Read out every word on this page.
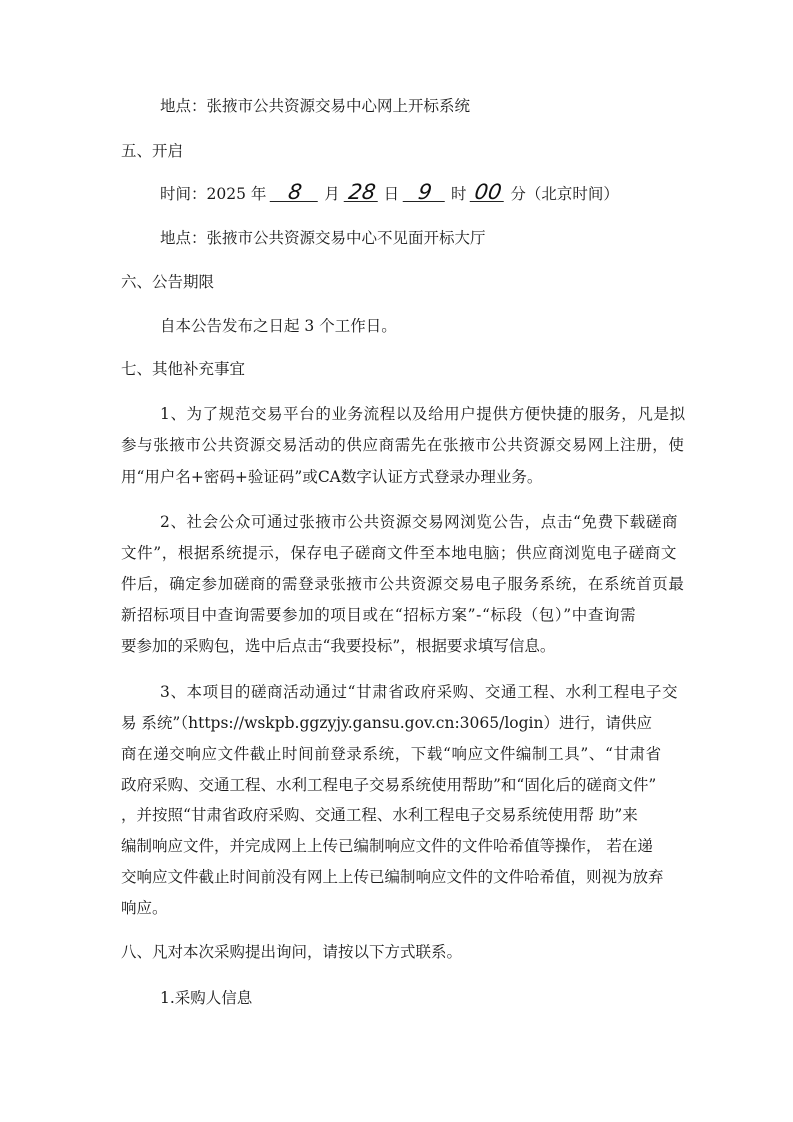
地点：张掖市公共资源交易中心网上开标系统
五、开启
时间：2025 年 8 月 28 日 9 时 00 分（北京时间）
地点：张掖市公共资源交易中心不见面开标大厅
六、公告期限
自本公告发布之日起 3 个工作日。
七、其他补充事宜
1、为了规范交易平台的业务流程以及给用户提供方便快捷的服务，凡是拟
参与张掖市公共资源交易活动的供应商需先在张掖市公共资源交易网上注册，使
用“用户名+密码+验证码”或CA数字认证方式登录办理业务。
2、社会公众可通过张掖市公共资源交易网浏览公告，点击“免费下载磋商
文件”，根据系统提示，保存电子磋商文件至本地电脑；供应商浏览电子磋商文
件后，确定参加磋商的需登录张掖市公共资源交易电子服务系统，在系统首页最
新招标项目中查询需要参加的项目或在“招标方案”-“标段（包）”中查询需
要参加的采购包，选中后点击“我要投标”，根据要求填写信息。
3、本项目的磋商活动通过“甘肃省政府采购、交通工程、水利工程电子交
易 系统”（https://wskpb.ggzyjy.gansu.gov.cn:3065/login）进行，请供应
商在递交响应文件截止时间前登录系统，下载“响应文件编制工具”、“甘肃省
政府采购、交通工程、水利工程电子交易系统使用帮助”和“固化后的磋商文件”
，并按照“甘肃省政府采购、交通工程、水利工程电子交易系统使用帮 助”来
编制响应文件，并完成网上上传已编制响应文件的文件哈希值等操作， 若在递
交响应文件截止时间前没有网上上传已编制响应文件的文件哈希值，则视为放弃
响应。
八、凡对本次采购提出询问，请按以下方式联系。
1.采购人信息
